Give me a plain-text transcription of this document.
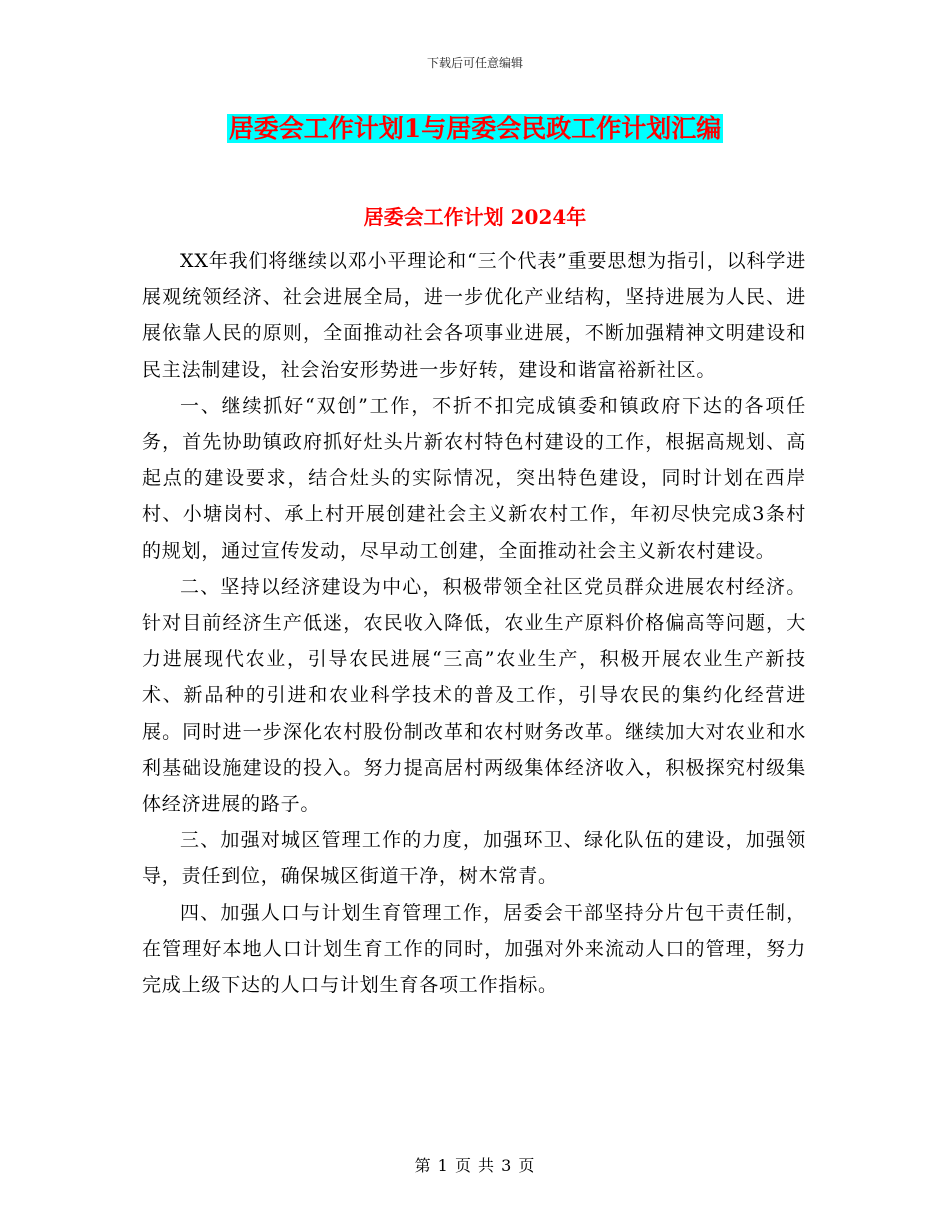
下载后可任意编辑
居委会工作计划1与居委会民政工作计划汇编
居委会工作计划 2024年

XX年我们将继续以邓小平理论和“三个代表”重要思想为指引，以科学进展观统领经济、社会进展全局，进一步优化产业结构，坚持进展为人民、进展依靠人民的原则，全面推动社会各项事业进展，不断加强精神文明建设和民主法制建设，社会治安形势进一步好转，建设和谐富裕新社区。

一、继续抓好“双创”工作，不折不扣完成镇委和镇政府下达的各项任务，首先协助镇政府抓好灶头片新农村特色村建设的工作，根据高规划、高起点的建设要求，结合灶头的实际情况，突出特色建设，同时计划在西岸村、小塘岗村、承上村开展创建社会主义新农村工作，年初尽快完成3条村的规划，通过宣传发动，尽早动工创建，全面推动社会主义新农村建设。

二、坚持以经济建设为中心，积极带领全社区党员群众进展农村经济。针对目前经济生产低迷，农民收入降低，农业生产原料价格偏高等问题，大力进展现代农业，引导农民进展“三高”农业生产，积极开展农业生产新技术、新品种的引进和农业科学技术的普及工作，引导农民的集约化经营进展。同时进一步深化农村股份制改革和农村财务改革。继续加大对农业和水利基础设施建设的投入。努力提高居村两级集体经济收入，积极探究村级集体经济进展的路子。

三、加强对城区管理工作的力度，加强环卫、绿化队伍的建设，加强领导，责任到位，确保城区街道干净，树木常青。

四、加强人口与计划生育管理工作，居委会干部坚持分片包干责任制，在管理好本地人口计划生育工作的同时，加强对外来流动人口的管理，努力完成上级下达的人口与计划生育各项工作指标。

第 1 页 共 3 页
